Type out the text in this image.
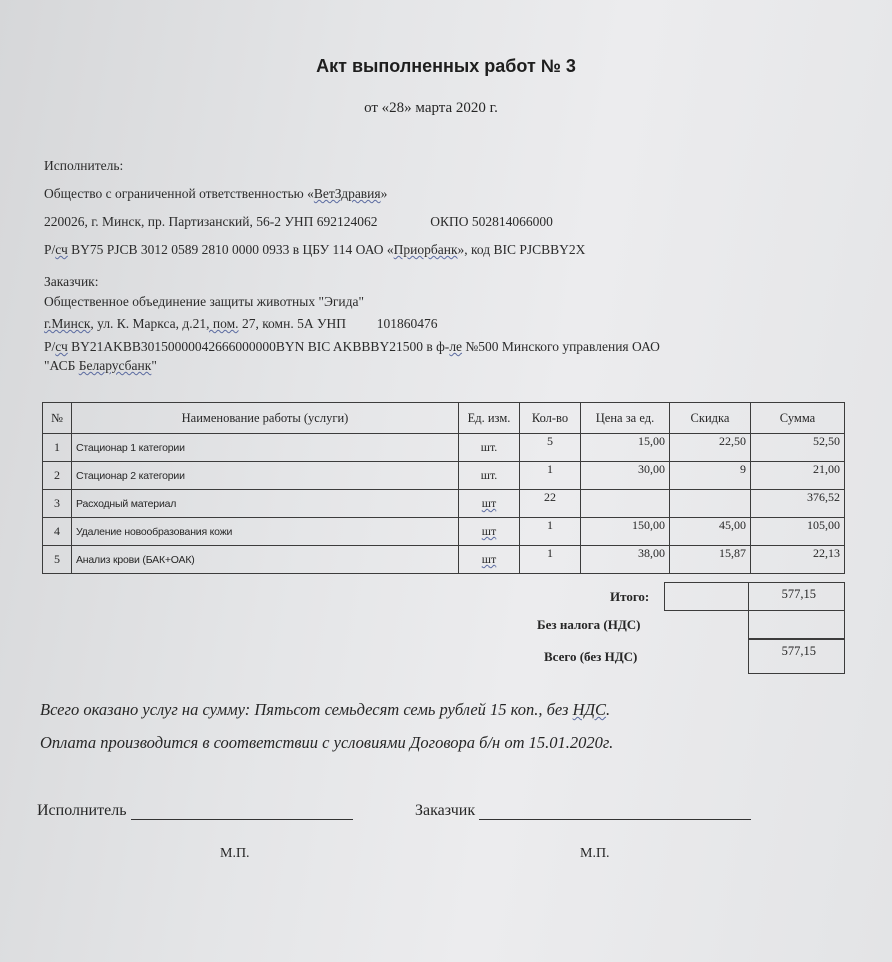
Акт выполненных работ № 3
от «28» марта 2020 г.
Исполнитель:
Общество с ограниченной ответственностью «ВетЗдравия»
220026, г. Минск, пр. Партизанский, 56-2 УНП 692124062	ОКПО 502814066000
Р/сч BY75 PJCB 3012 0589 2810 0000 0933 в ЦБУ 114 ОАО «Приорбанк», код BIC PJCBBY2X
Заказчик:
Общественное объединение защиты животных "Эгида"
г.Минск, ул. К. Маркса, д.21, пом. 27, комн. 5А УНП 101860476
Р/сч BY21AKBB30150000042666000000BYN BIC AKBBBY21500 в ф-ле №500 Минского управления ОАО
"АСБ Беларусбанк"
№	Наименование работы (услуги)	Ед. изм.	Кол-во	Цена за ед.	Скидка	Сумма
1	Стационар 1 категории	шт.	5	15,00	22,50	52,50
2	Стационар 2 категории	шт.	1	30,00	9	21,00
3	Расходный материал	шт	22			376,52
4	Удаление новообразования кожи	шт	1	150,00	45,00	105,00
5	Анализ крови (БАК+ОАК)	шт	1	38,00	15,87	22,13
Итого:	577,15
Без налога (НДС)
Всего (без НДС)	577,15
Всего оказано услуг на сумму: Пятьсот семьдесят семь рублей 15 коп., без НДС.
Оплата производится в соответствии с условиями Договора б/н от 15.01.2020г.
Исполнитель	Заказчик
М.П.	М.П.
